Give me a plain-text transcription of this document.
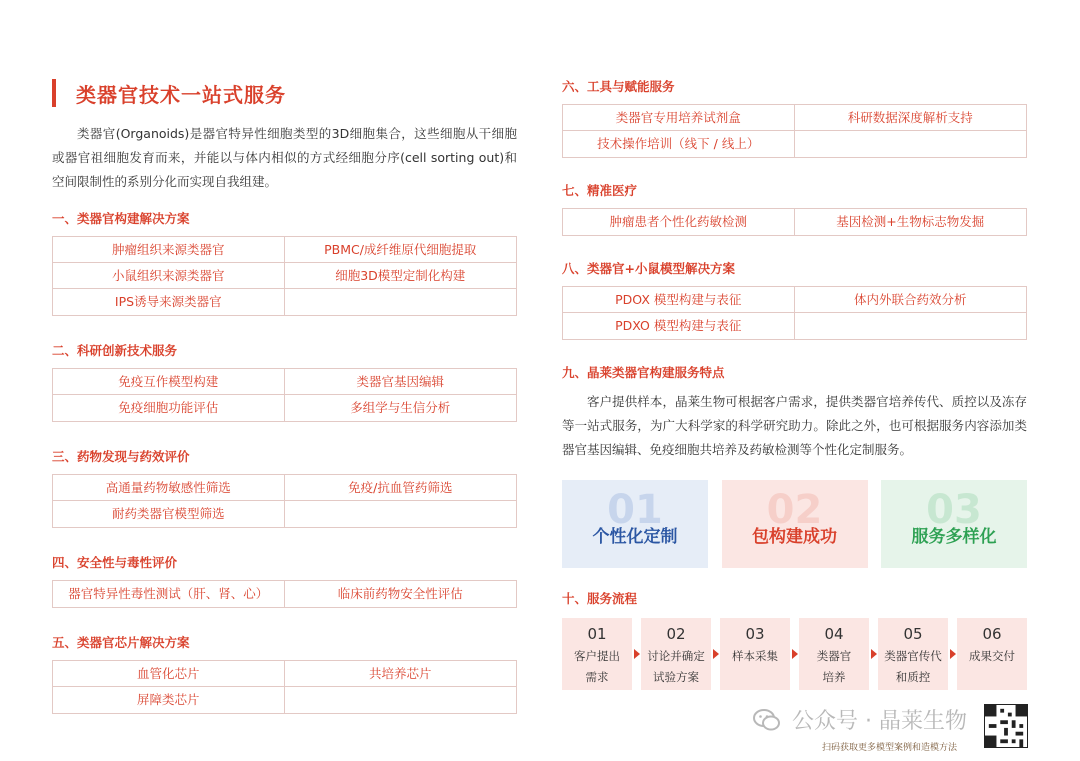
类器官技术一站式服务

类器官(Organoids)是器官特异性细胞类型的3D细胞集合，这些细胞从干细胞或器官祖细胞发育而来，并能以与体内相似的方式经细胞分序(cell sorting out)和空间限制性的系别分化而实现自我组建。

一、类器官构建解决方案
肿瘤组织来源类器官	PBMC/成纤维原代细胞提取
小鼠组织来源类器官	细胞3D模型定制化构建
IPS诱导来源类器官
二、科研创新技术服务
免疫互作模型构建	类器官基因编辑
免疫细胞功能评估	多组学与生信分析
三、药物发现与药效评价
高通量药物敏感性筛选	免疫/抗血管药筛选
耐药类器官模型筛选
四、安全性与毒性评价
器官特异性毒性测试（肝、肾、心）	临床前药物安全性评估
五、类器官芯片解决方案
血管化芯片	共培养芯片
屏障类芯片
六、工具与赋能服务
类器官专用培养试剂盒	科研数据深度解析支持
技术操作培训（线下 / 线上）
七、精准医疗
肿瘤患者个性化药敏检测	基因检测+生物标志物发掘
八、类器官+小鼠模型解决方案
PDOX 模型构建与表征	体内外联合药效分析
PDXO 模型构建与表征
九、晶莱类器官构建服务特点

客户提供样本，晶莱生物可根据客户需求，提供类器官培养传代、质控以及冻存等一站式服务，为广大科学家的科学研究助力。除此之外，也可根据服务内容添加类器官基因编辑、免疫细胞共培养及药敏检测等个性化定制服务。

01
个性化定制
02
包构建成功
03
服务多样化
十、服务流程
01
客户提出
需求
02
讨论并确定
试验方案
03
样本采集
04
类器官
培养
05
类器官传代
和质控
06
成果交付
公众号 · 晶莱生物
扫码获取更多模型案例和造模方法
